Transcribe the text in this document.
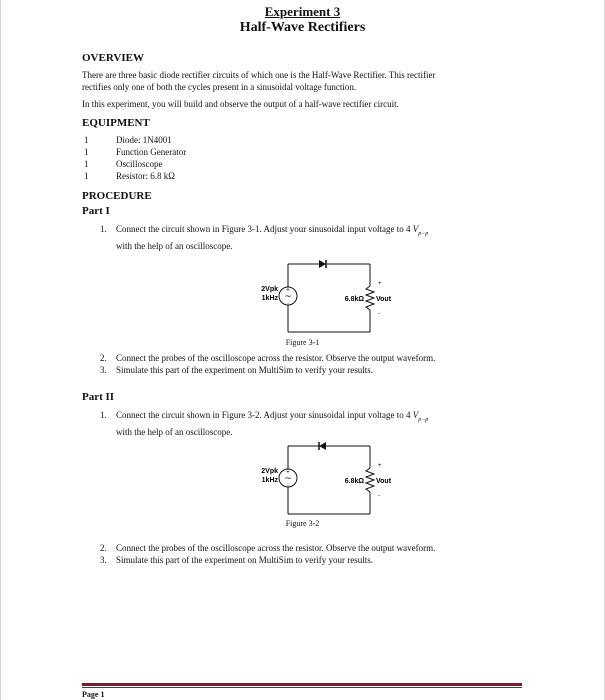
Experiment 3
Half-Wave Rectifiers
OVERVIEW
There are three basic diode rectifier circuits of which one is the Half-Wave Rectifier. This rectifier
rectifies only one of both the cycles present in a sinusoidal voltage function.
In this experiment, you will build and observe the output of a half-wave rectifier circuit.
EQUIPMENT
1	Diode: 1N4001
1	Function Generator
1	Oscilloscope
1	Resistor: 6.8 kΩ
PROCEDURE
Part I
1.	Connect the circuit shown in Figure 3-1. Adjust your sinusoidal input voltage to 4 $V_{p-p}$
with the help of an oscilloscope.
~
+
-
2Vpk
1kHz	6.8kΩ Vout
+
-
Figure 3-1
2.	Connect the probes of the oscilloscope across the resistor. Observe the output waveform.
3.	Simulate this part of the experiment on MultiSim to verify your results.
Part II
1.	Connect the circuit shown in Figure 3-2. Adjust your sinusoidal input voltage to 4 $V_{p-p}$
with the help of an oscilloscope.
~
+
-
2Vpk
1kHz	6.8kΩ Vout
+
-
Figure 3-2
2.	Connect the probes of the oscilloscope across the resistor. Observe the output waveform.
3.	Simulate this part of the experiment on MultiSim to verify your results.
Page 1
